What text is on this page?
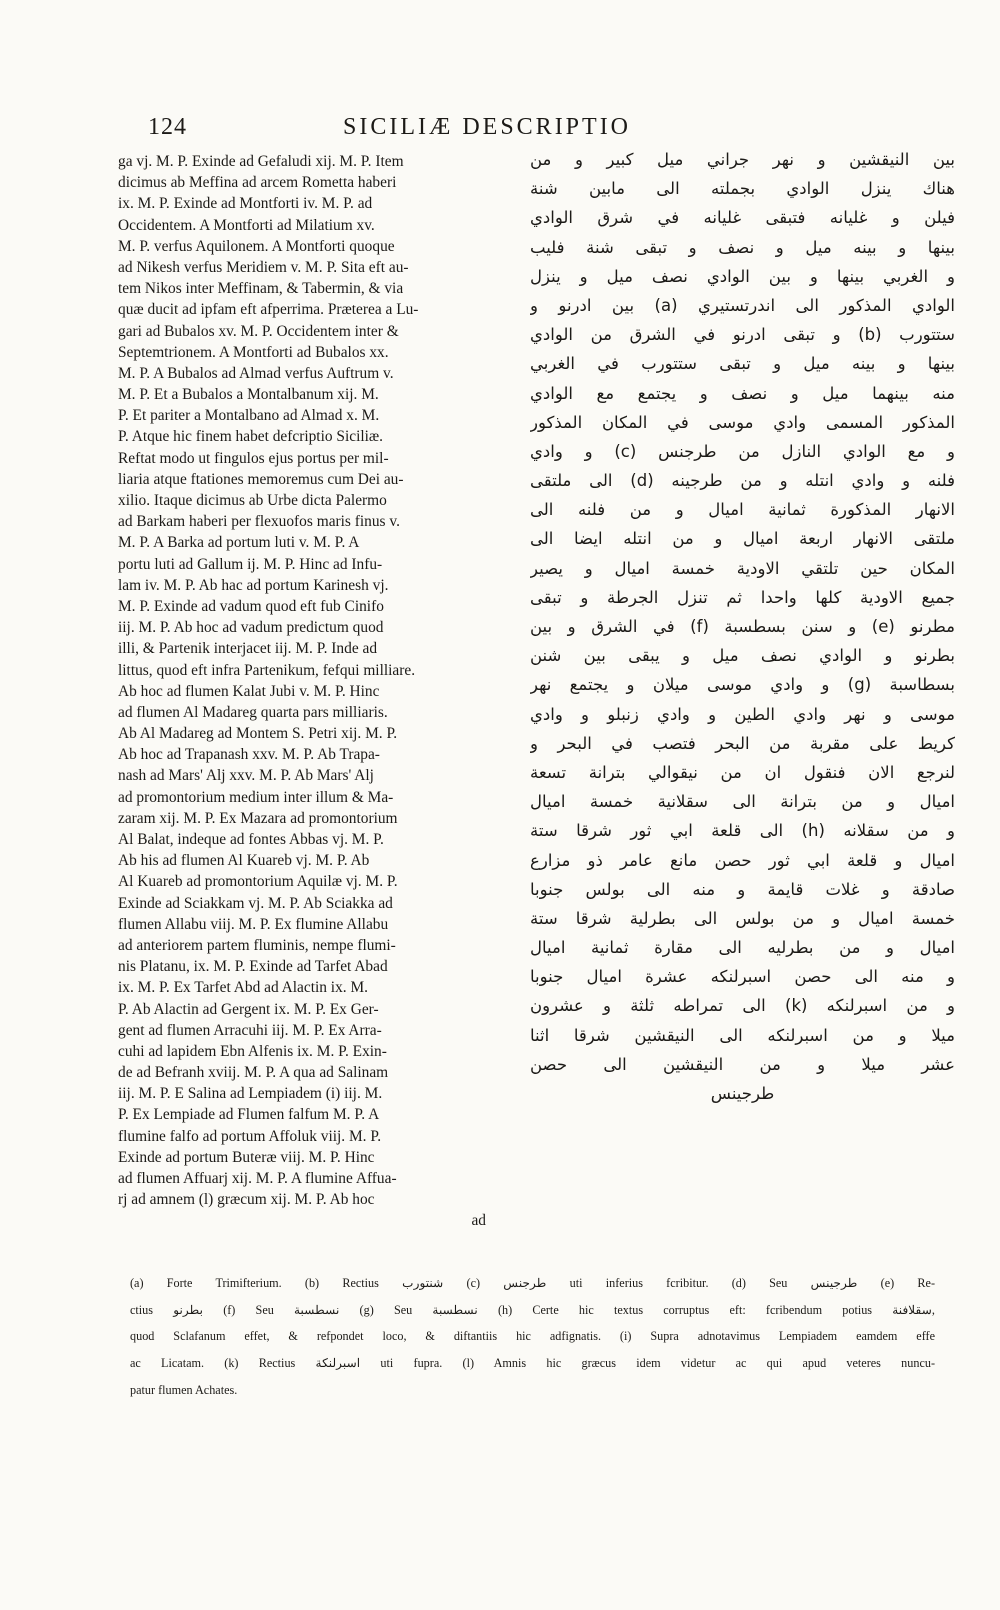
124	SICILIÆ DESCRIPTIO
ga vj. M. P. Exinde ad Gefaludi xij. M. P. Item
dicimus ab Meffina ad arcem Rometta haberi
ix. M. P. Exinde ad Montforti iv. M. P. ad
Occidentem. A Montforti ad Milatium xv.
M. P. verfus Aquilonem. A Montforti quoque
ad Nikesh verfus Meridiem v. M. P. Sita eft au-
tem Nikos inter Meffinam, & Tabermin, & via
quæ ducit ad ipfam eft afperrima. Præterea a Lu-
gari ad Bubalos xv. M. P. Occidentem inter &
Septemtrionem. A Montforti ad Bubalos xx.
M. P. A Bubalos ad Almad verfus Auftrum v.
M. P. Et a Bubalos a Montalbanum xij. M.
P. Et pariter a Montalbano ad Almad x. M.
P. Atque hic finem habet defcriptio Siciliæ.
Reftat modo ut fingulos ejus portus per mil-
liaria atque ftationes memoremus cum Dei au-
xilio. Itaque dicimus ab Urbe dicta Palermo
ad Barkam haberi per flexuofos maris finus v.
M. P. A Barka ad portum luti v. M. P. A
portu luti ad Gallum ij. M. P. Hinc ad Infu-
lam iv. M. P. Ab hac ad portum Karinesh vj.
M. P. Exinde ad vadum quod eft fub Cinifo
iij. M. P. Ab hoc ad vadum predictum quod
illi, & Partenik interjacet iij. M. P. Inde ad
littus, quod eft infra Partenikum, fefqui milliare.
Ab hoc ad flumen Kalat Jubi v. M. P. Hinc
ad flumen Al Madareg quarta pars milliaris.
Ab Al Madareg ad Montem S. Petri xij. M. P.
Ab hoc ad Trapanash xxv. M. P. Ab Trapa-
nash ad Mars' Alj xxv. M. P. Ab Mars' Alj
ad promontorium medium inter illum & Ma-
zaram xij. M. P. Ex Mazara ad promontorium
Al Balat, indeque ad fontes Abbas vj. M. P.
Ab his ad flumen Al Kuareb vj. M. P. Ab
Al Kuareb ad promontorium Aquilæ vj. M. P.
Exinde ad Sciakkam vj. M. P. Ab Sciakka ad
flumen Allabu viij. M. P. Ex flumine Allabu
ad anteriorem partem fluminis, nempe flumi-
nis Platanu, ix. M. P. Exinde ad Tarfet Abad
ix. M. P. Ex Tarfet Abd ad Alactin ix. M.
P. Ab Alactin ad Gergent ix. M. P. Ex Ger-
gent ad flumen Arracuhi iij. M. P. Ex Arra-
cuhi ad lapidem Ebn Alfenis ix. M. P. Exin-
de ad Befranh xviij. M. P. A qua ad Salinam
iij. M. P. E Salina ad Lempiadem (i) iij. M.
P. Ex Lempiade ad Flumen falfum M. P. A
flumine falfo ad portum Affoluk viij. M. P.
Exinde ad portum Buteræ viij. M. P. Hinc
ad flumen Affuarj xij. M. P. A flumine Affua-
rj ad amnem (l) græcum xij. M. P. Ab hoc
ad
بين النيقشين و نهر جراني ميل كبير و من
هناك ينزل الوادي بجملته الى مابين شنة
فيلن و غليانه فتبقى غليانه في شرق الوادي
بينها و بينه ميل و نصف و تبقى شنة فليب
و الغربي بينها و بين الوادي نصف ميل و ينزل
الوادي المذكور الى اندرتستيري (a) بين ادرنو و
ستتورب (b) و تبقى ادرنو في الشرق من الوادي
بينها و بينه ميل و تبقى ستتورب في الغربي
منه بينهما ميل و نصف و يجتمع مع الوادي
المذكور المسمى وادي موسى في المكان المذكور
و مع الوادي النازل من طرجنس (c) و وادي
فلنه و وادي انتله و من طرجينه (d) الى ملتقى
الانهار المذكورة ثمانية اميال و من فلنه الى
ملتقى الانهار اربعة اميال و من انتله ايضا الى
المكان حين تلتقي الاودية خمسة اميال و يصير
جميع الاودية كلها واحدا ثم تنزل الجرطة و تبقى
مطرنو (e) و سنن بسطسبة (f) في الشرق و بين
بطرنو و الوادي نصف ميل و يبقى بين شنن
بسطاسبة (g) و وادي موسى ميلان و يجتمع نهر
موسى و نهر وادي الطين و وادي زنبلو و وادي
كريط على مقربة من البحر فتصب في البحر و
لنرجع الان فنقول ان من نيقوالي بترانة تسعة
اميال و من بترانة الى سقلانية خمسة اميال
و من سقلانه (h) الى قلعة ابي ثور شرقا ستة
اميال و قلعة ابي ثور حصن مانع عامر ذو مزارع
صادقة و غلات قايمة و منه الى بولس جنوبا
خمسة اميال و من بولس الى بطرلية شرقا ستة
اميال و من بطرليه الى مقارة ثمانية اميال
و منه الى حصن اسبرلنكه عشرة اميال جنوبا
و من اسبرلنكه (k) الى تمراطه ثلثة و عشرون
ميلا و من اسبرلنكه الى النيقشين شرقا اثنا
عشر ميلا و من النيقشين الى حصن
طرجينس
(a) Forte Trimifterium. (b) Rectius شنتورب (c) طرجنس uti inferius fcribitur. (d) Seu طرجينس (e) Re-
ctius بطرنو (f) Seu نسطسبة (g) Seu نسطسبة (h) Certe hic textus corruptus eft: fcribendum potius سقلافنة,
quod Sclafanum effet, & refpondet loco, & diftantiis hic adfignatis. (i) Supra adnotavimus Lempiadem eamdem effe
ac Licatam. (k) Rectius اسبرلنكة uti fupra. (l) Amnis hic græcus idem videtur ac qui apud veteres nuncu-
patur flumen Achates.
